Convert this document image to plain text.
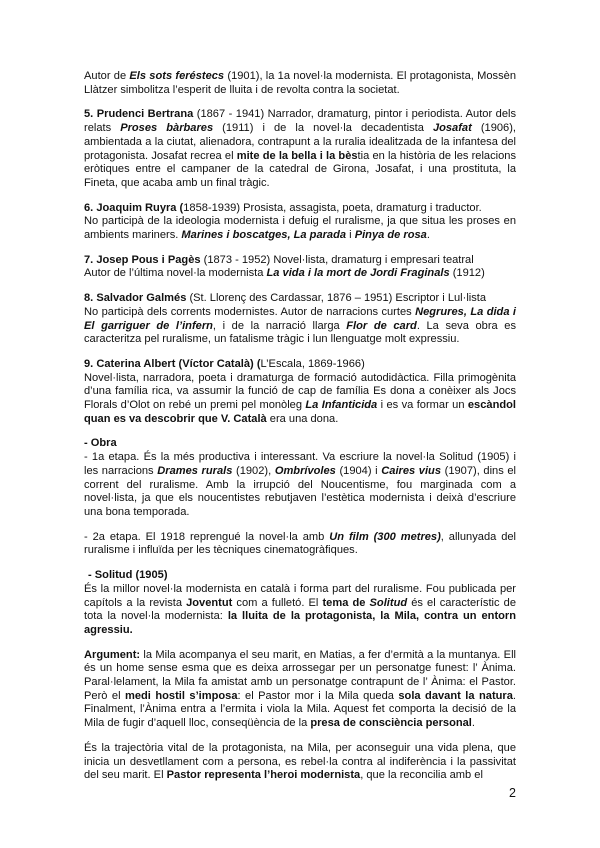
Autor de Els sots feréstecs (1901), la 1a novel·la modernista. El protagonista, Mossèn Llàtzer simbolitza l’esperit de lluita i de revolta contra la societat.

5. Prudenci Bertrana (1867 - 1941) Narrador, dramaturg, pintor i periodista. Autor dels relats Proses bàrbares (1911) i de la novel·la decadentista Josafat (1906), ambientada a la ciutat, alienadora, contrapunt a la ruralia idealitzada de la infantesa del protagonista. Josafat recrea el mite de la bella i la bèstia en la història de les relacions eròtiques entre el campaner de la catedral de Girona, Josafat, i una prostituta, la Fineta, que acaba amb un final tràgic.

6. Joaquim Ruyra (1858-1939) Prosista, assagista, poeta, dramaturg i traductor.
No participà de la ideologia modernista i defuig el ruralisme, ja que situa les proses en ambients mariners. Marines i boscatges, La parada i Pinya de rosa.

7. Josep Pous i Pagès (1873 - 1952) Novel·lista, dramaturg i empresari teatral
Autor de l’última novel·la modernista La vida i la mort de Jordi Fraginals (1912)

8. Salvador Galmés (St. Llorenç des Cardassar, 1876 – 1951) Escriptor i Lul·lista
No participà dels corrents modernistes. Autor de narracions curtes Negrures, La dida i El garriguer de l’infern, i de la narració llarga Flor de card. La seva obra es caracteritza pel ruralisme, un fatalisme tràgic i lun llenguatge molt expressiu.

9. Caterina Albert (Víctor Català) (L’Escala, 1869-1966)
Novel·lista, narradora, poeta i dramaturga de formació autodidàctica. Filla primogènita d’una família rica, va assumir la funció de cap de família Es dona a conèixer als Jocs Florals d’Olot on rebé un premi pel monòleg La Infanticida i es va formar un escàndol quan es va descobrir que V. Català era una dona.

- Obra

- 1a etapa. És la més productiva i interessant. Va escriure la novel·la Solitud (1905) i les narracions Drames rurals (1902), Ombrívoles (1904) i Caires vius (1907), dins el corrent del ruralisme. Amb la irrupció del Noucentisme, fou marginada com a novel·lista, ja que els noucentistes rebutjaven l’estètica modernista i deixà d’escriure una bona temporada.

- 2a etapa. El 1918 reprengué la novel·la amb Un film (300 metres), allunyada del ruralisme i influïda per les tècniques cinematogràfiques.

- Solitud (1905)

És la millor novel·la modernista en català i forma part del ruralisme. Fou publicada per capítols a la revista Joventut com a fulletó. El tema de Solitud és el característic de tota la novel·la modernista: la lluita de la protagonista, la Mila, contra un entorn agressiu.

Argument: la Mila acompanya el seu marit, en Matias, a fer d’ermità a la muntanya. Ell és un home sense esma que es deixa arrossegar per un personatge funest: l’ Ànima. Paral·lelament, la Mila fa amistat amb un personatge contrapunt de l’ Ànima: el Pastor. Però el medi hostil s’imposa: el Pastor mor i la Mila queda sola davant la natura. Finalment, l’Ànima entra a l’ermita i viola la Mila. Aquest fet comporta la decisió de la Mila de fugir d’aquell lloc, conseqüència de la presa de consciència personal.

És la trajectòria vital de la protagonista, na Mila, per aconseguir una vida plena, que inicia un desvetllament com a persona, es rebel·la contra al indiferència i la passivitat del seu marit. El Pastor representa l’heroi modernista, que la reconcilia amb el

2
